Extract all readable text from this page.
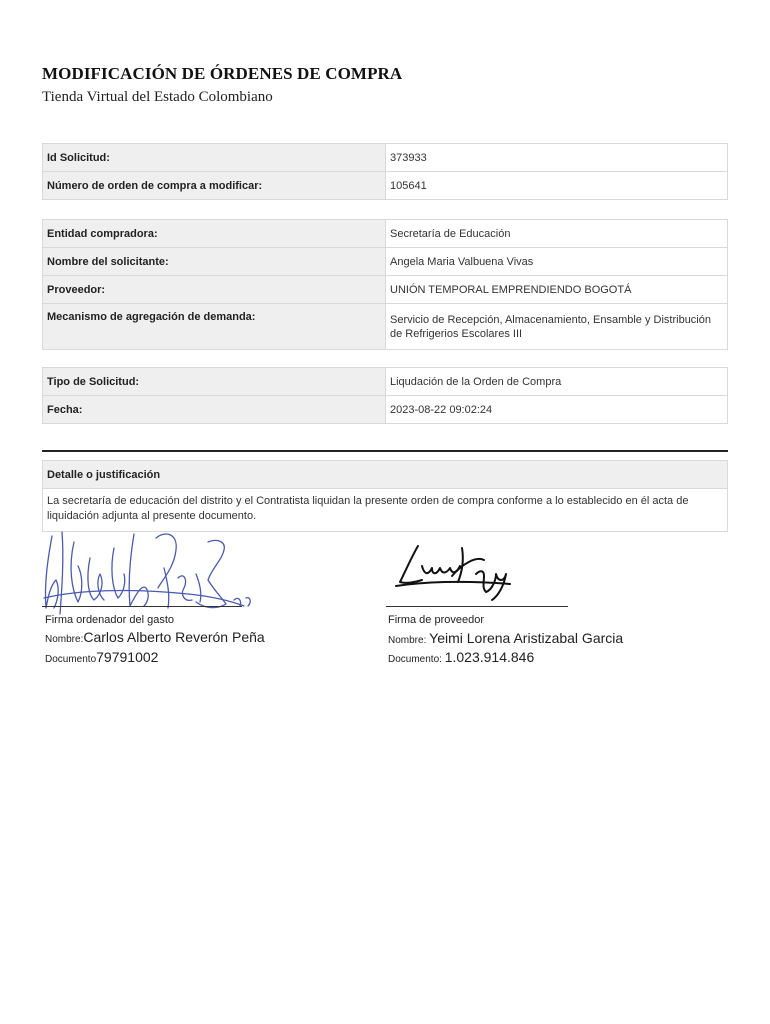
MODIFICACIÓN DE ÓRDENES DE COMPRA
Tienda Virtual del Estado Colombiano
Id Solicitud:	373933
Número de orden de compra a modificar:	105641
Entidad compradora:	Secretaría de Educación
Nombre del solicitante:	Angela Maria Valbuena Vivas
Proveedor:	UNIÓN TEMPORAL EMPRENDIENDO BOGOTÁ
Mecanismo de agregación de demanda:	Servicio de Recepción, Almacenamiento, Ensamble y Distribución de Refrigerios Escolares III
Tipo de Solicitud:	Liqudación de la Orden de Compra
Fecha:	2023-08-22 09:02:24
Detalle o justificación
La secretaría de educación del distrito y el Contratista liquidan la presente orden de compra conforme a lo establecido en él acta de liquidación adjunta al presente documento.
Firma ordenador del gasto
Nombre:Carlos Alberto Reverón Peña
Documento79791002
Firma de proveedor
Nombre: Yeimi Lorena Aristizabal Garcia
Documento: 1.023.914.846
